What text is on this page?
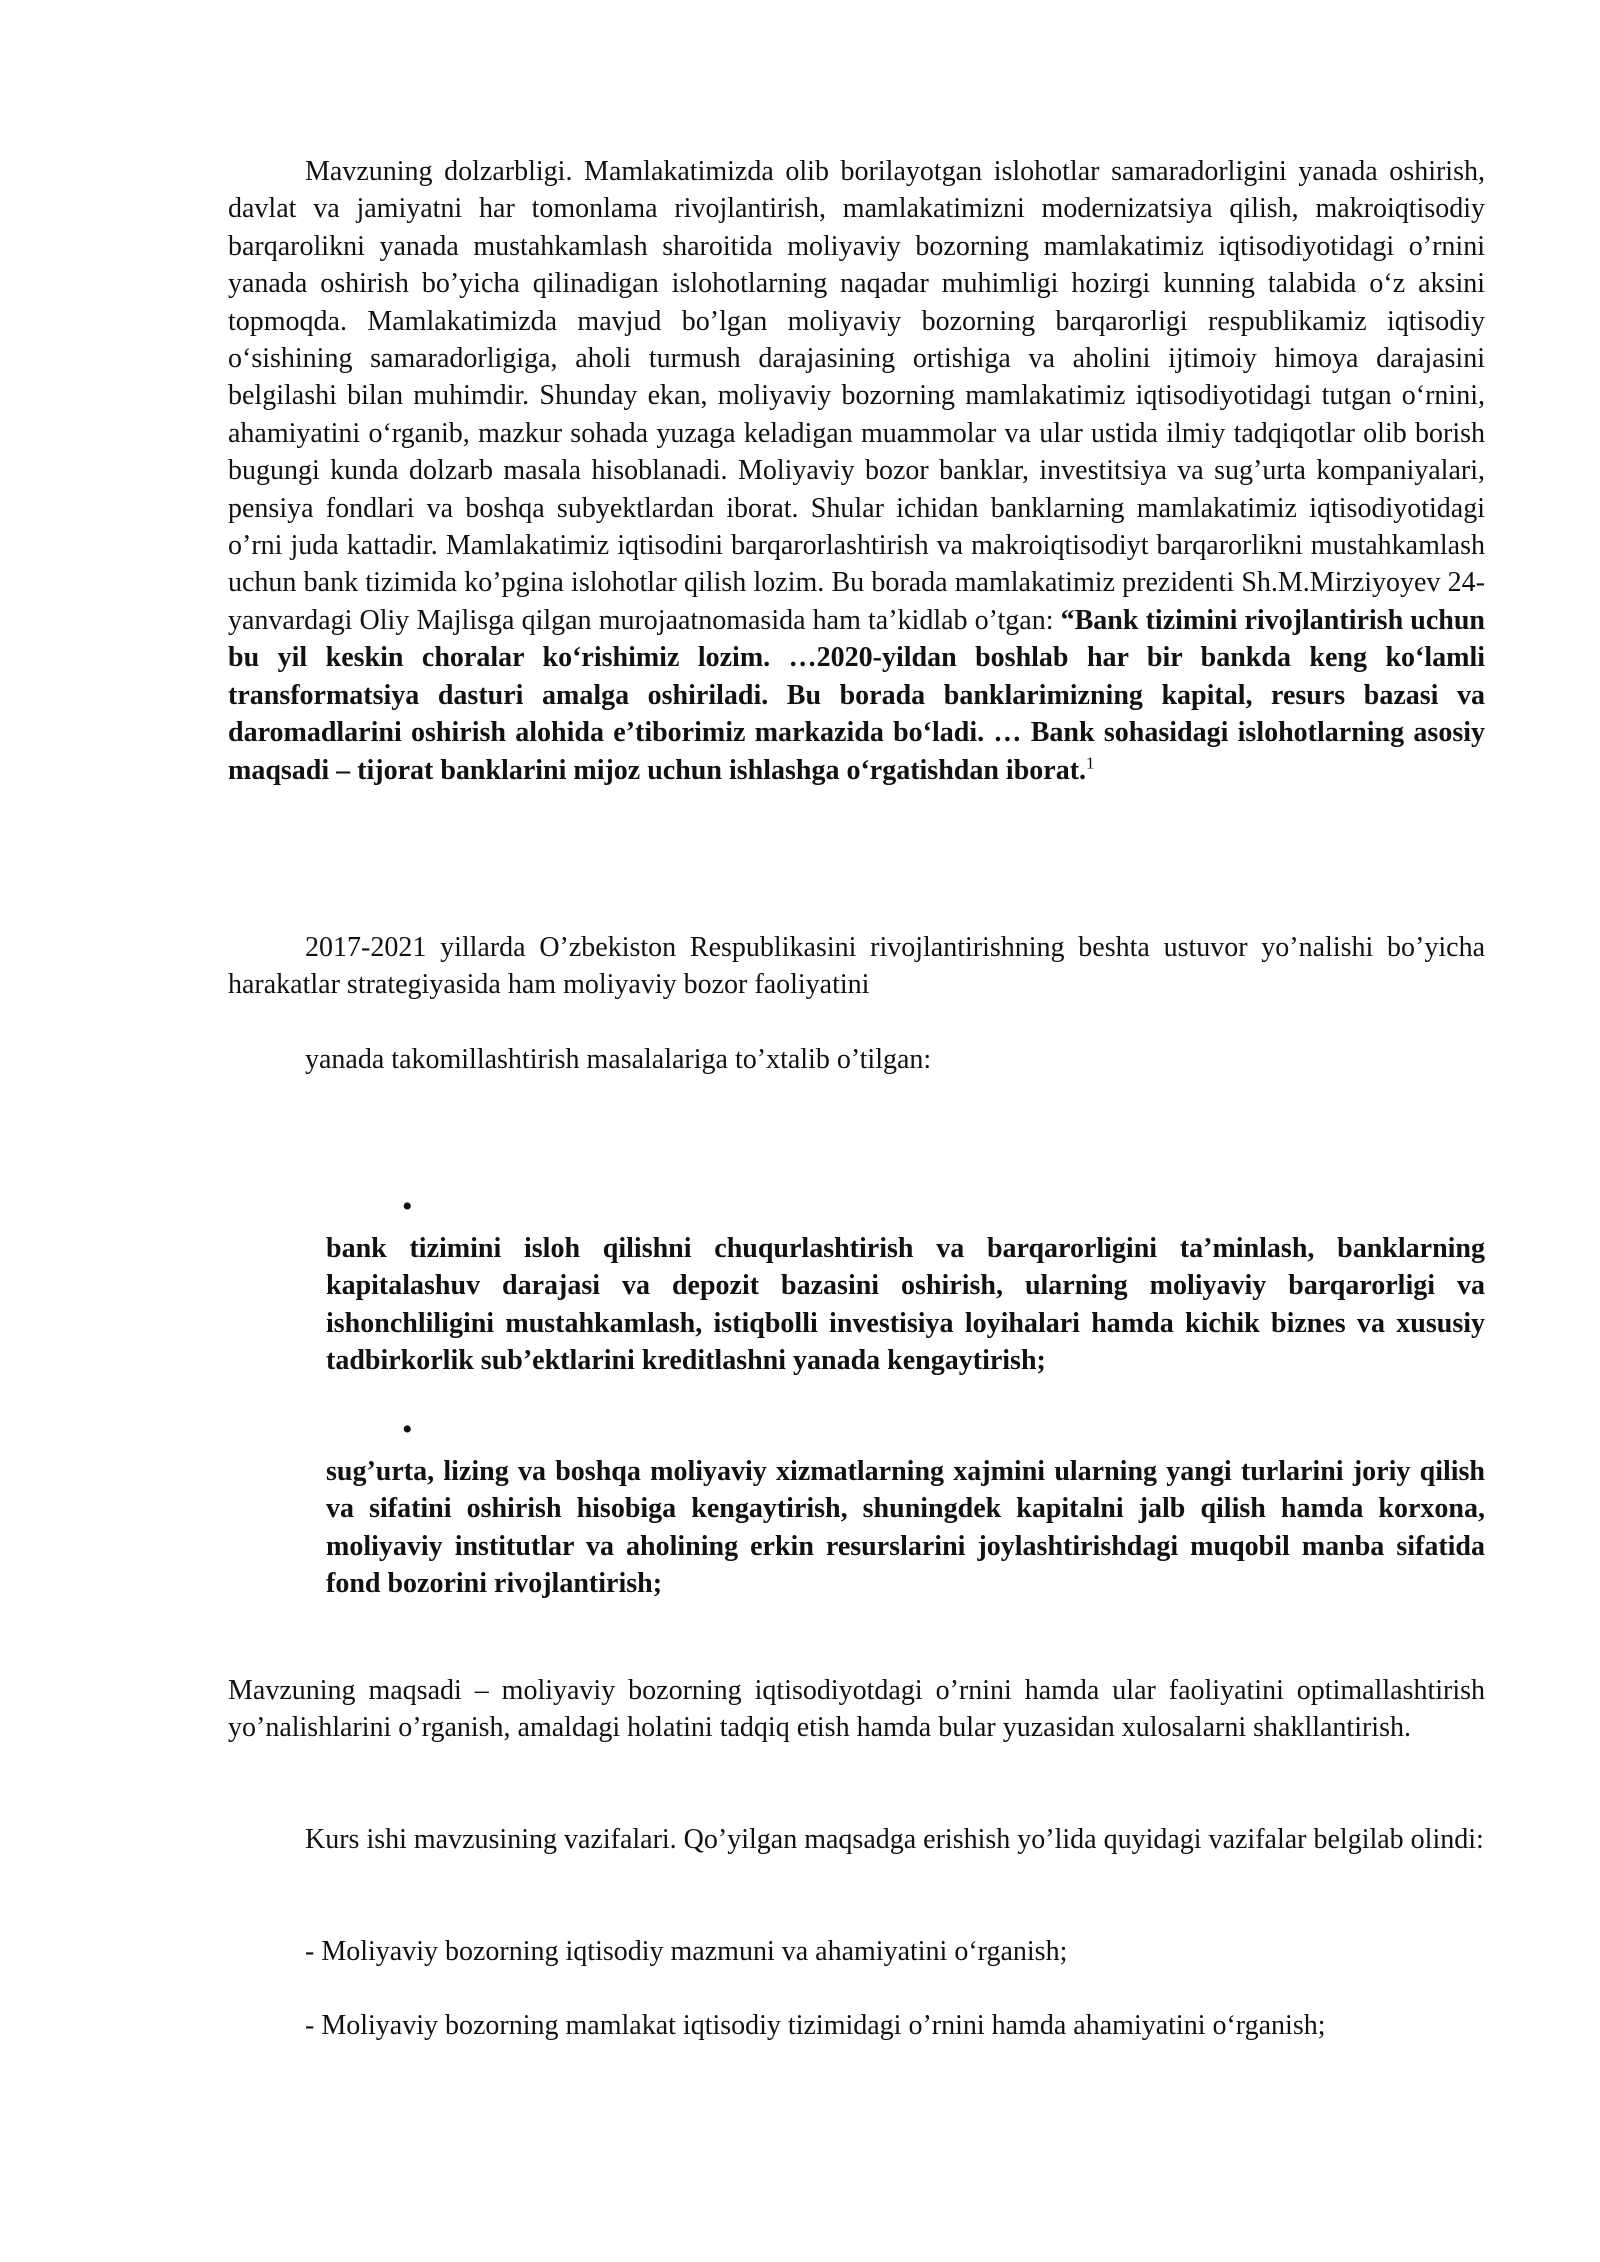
Mavzuning dolzarbligi. Mamlakatimizda olib borilayotgan islohotlar samaradorligini yanada oshirish, davlat va jamiyatni har tomonlama rivojlantirish, mamlakatimizni modernizatsiya qilish, makroiqtisodiy barqarolikni yanada mustahkamlash sharoitida moliyaviy bozorning mamlakatimiz iqtisodiyotidagi o’rnini yanada oshirish bo’yicha qilinadigan islohotlarning naqadar muhimligi hozirgi kunning talabida o‘z aksini topmoqda. Mamlakatimizda mavjud bo’lgan moliyaviy bozorning barqarorligi respublikamiz iqtisodiy o‘sishining samaradorligiga, aholi turmush darajasining ortishiga va aholini ijtimoiy himoya darajasini belgilashi bilan muhimdir. Shunday ekan, moliyaviy bozorning mamlakatimiz iqtisodiyotidagi tutgan o‘rnini, ahamiyatini o‘rganib, mazkur sohada yuzaga keladigan muammolar va ular ustida ilmiy tadqiqotlar olib borish bugungi kunda dolzarb masala hisoblanadi. Moliyaviy bozor banklar, investitsiya va sug’urta kompaniyalari, pensiya fondlari va boshqa subyektlardan iborat. Shular ichidan banklarning mamlakatimiz iqtisodiyotidagi o’rni juda kattadir. Mamlakatimiz iqtisodini barqarorlashtirish va makroiqtisodiyt barqarorlikni mustahkamlash uchun bank tizimida ko’pgina islohotlar qilish lozim. Bu borada mamlakatimiz prezidenti Sh.M.Mirziyoyev 24-yanvardagi Oliy Majlisga qilgan murojaatnomasida ham ta’kidlab o’tgan: “Bank tizimini rivojlantirish uchun bu yil keskin choralar ko‘rishimiz lozim. …2020-yildan boshlab har bir bankda keng ko‘lamli transformatsiya dasturi amalga oshiriladi. Bu borada banklarimizning kapital, resurs bazasi va daromadlarini oshirish alohida e’tiborimiz markazida bo‘ladi. … Bank sohasidagi islohotlarning asosiy maqsadi – tijorat banklarini mijoz uchun ishlashga o‘rgatishdan iborat.$^1$
2017-2021 yillarda O’zbekiston Respublikasini rivojlantirishning beshta ustuvor yo’nalishi bo’yicha harakatlar strategiyasida ham moliyaviy bozor faoliyatini
yanada takomillashtirish masalalariga to’xtalib o’tilgan:
•
bank tizimini isloh qilishni chuqurlashtirish va barqarorligini ta’minlash, banklarning kapitalashuv darajasi va depozit bazasini oshirish, ularning moliyaviy barqarorligi va ishonchliligini mustahkamlash, istiqbolli investisiya loyihalari hamda kichik biznes va xususiy tadbirkorlik sub’ektlarini kreditlashni yanada kengaytirish;
•
sug’urta, lizing va boshqa moliyaviy xizmatlarning xajmini ularning yangi turlarini joriy qilish va sifatini oshirish hisobiga kengaytirish, shuningdek kapitalni jalb qilish hamda korxona, moliyaviy institutlar va aholining erkin resurslarini joylashtirishdagi muqobil manba sifatida fond bozorini rivojlantirish;
Mavzuning maqsadi – moliyaviy bozorning iqtisodiyotdagi o’rnini hamda ular faoliyatini optimallashtirish yo’nalishlarini o’rganish, amaldagi holatini tadqiq etish hamda bular yuzasidan xulosalarni shakllantirish.
Kurs ishi mavzusining vazifalari. Qo’yilgan maqsadga erishish yo’lida quyidagi vazifalar belgilab olindi:
- Moliyaviy bozorning iqtisodiy mazmuni va ahamiyatini o‘rganish;
- Moliyaviy bozorning mamlakat iqtisodiy tizimidagi o’rnini hamda ahamiyatini o‘rganish;
